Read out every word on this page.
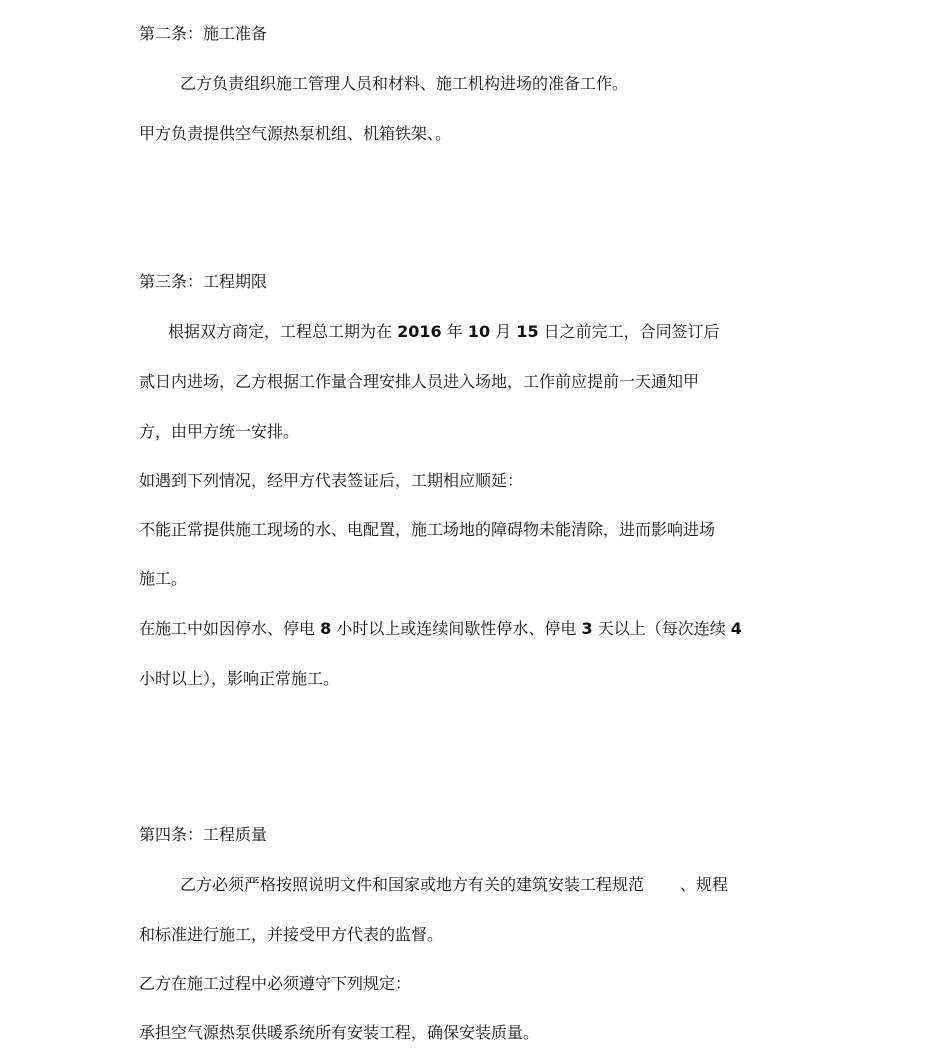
第二条：施工准备
乙方负责组织施工管理人员和材料、施工机构进场的准备工作。
甲方负责提供空气源热泵机组、机箱铁架、。
第三条：工程期限
根据双方商定，工程总工期为在 2016 年 10 月 15 日之前完工，合同签订后
贰日内进场，乙方根据工作量合理安排人员进入场地，工作前应提前一天通知甲
方，由甲方统一安排。
如遇到下列情况，经甲方代表签证后，工期相应顺延：
不能正常提供施工现场的水、电配置，施工场地的障碍物未能清除，进而影响进场
施工。
在施工中如因停水、停电 8 小时以上或连续间歇性停水、停电 3 天以上（每次连续 4
小时以上），影响正常施工。
第四条：工程质量
乙方必须严格按照说明文件和国家或地方有关的建筑安装工程规范 、规程
和标准进行施工，并接受甲方代表的监督。
乙方在施工过程中必须遵守下列规定：
承担空气源热泵供暖系统所有安装工程，确保安装质量。
